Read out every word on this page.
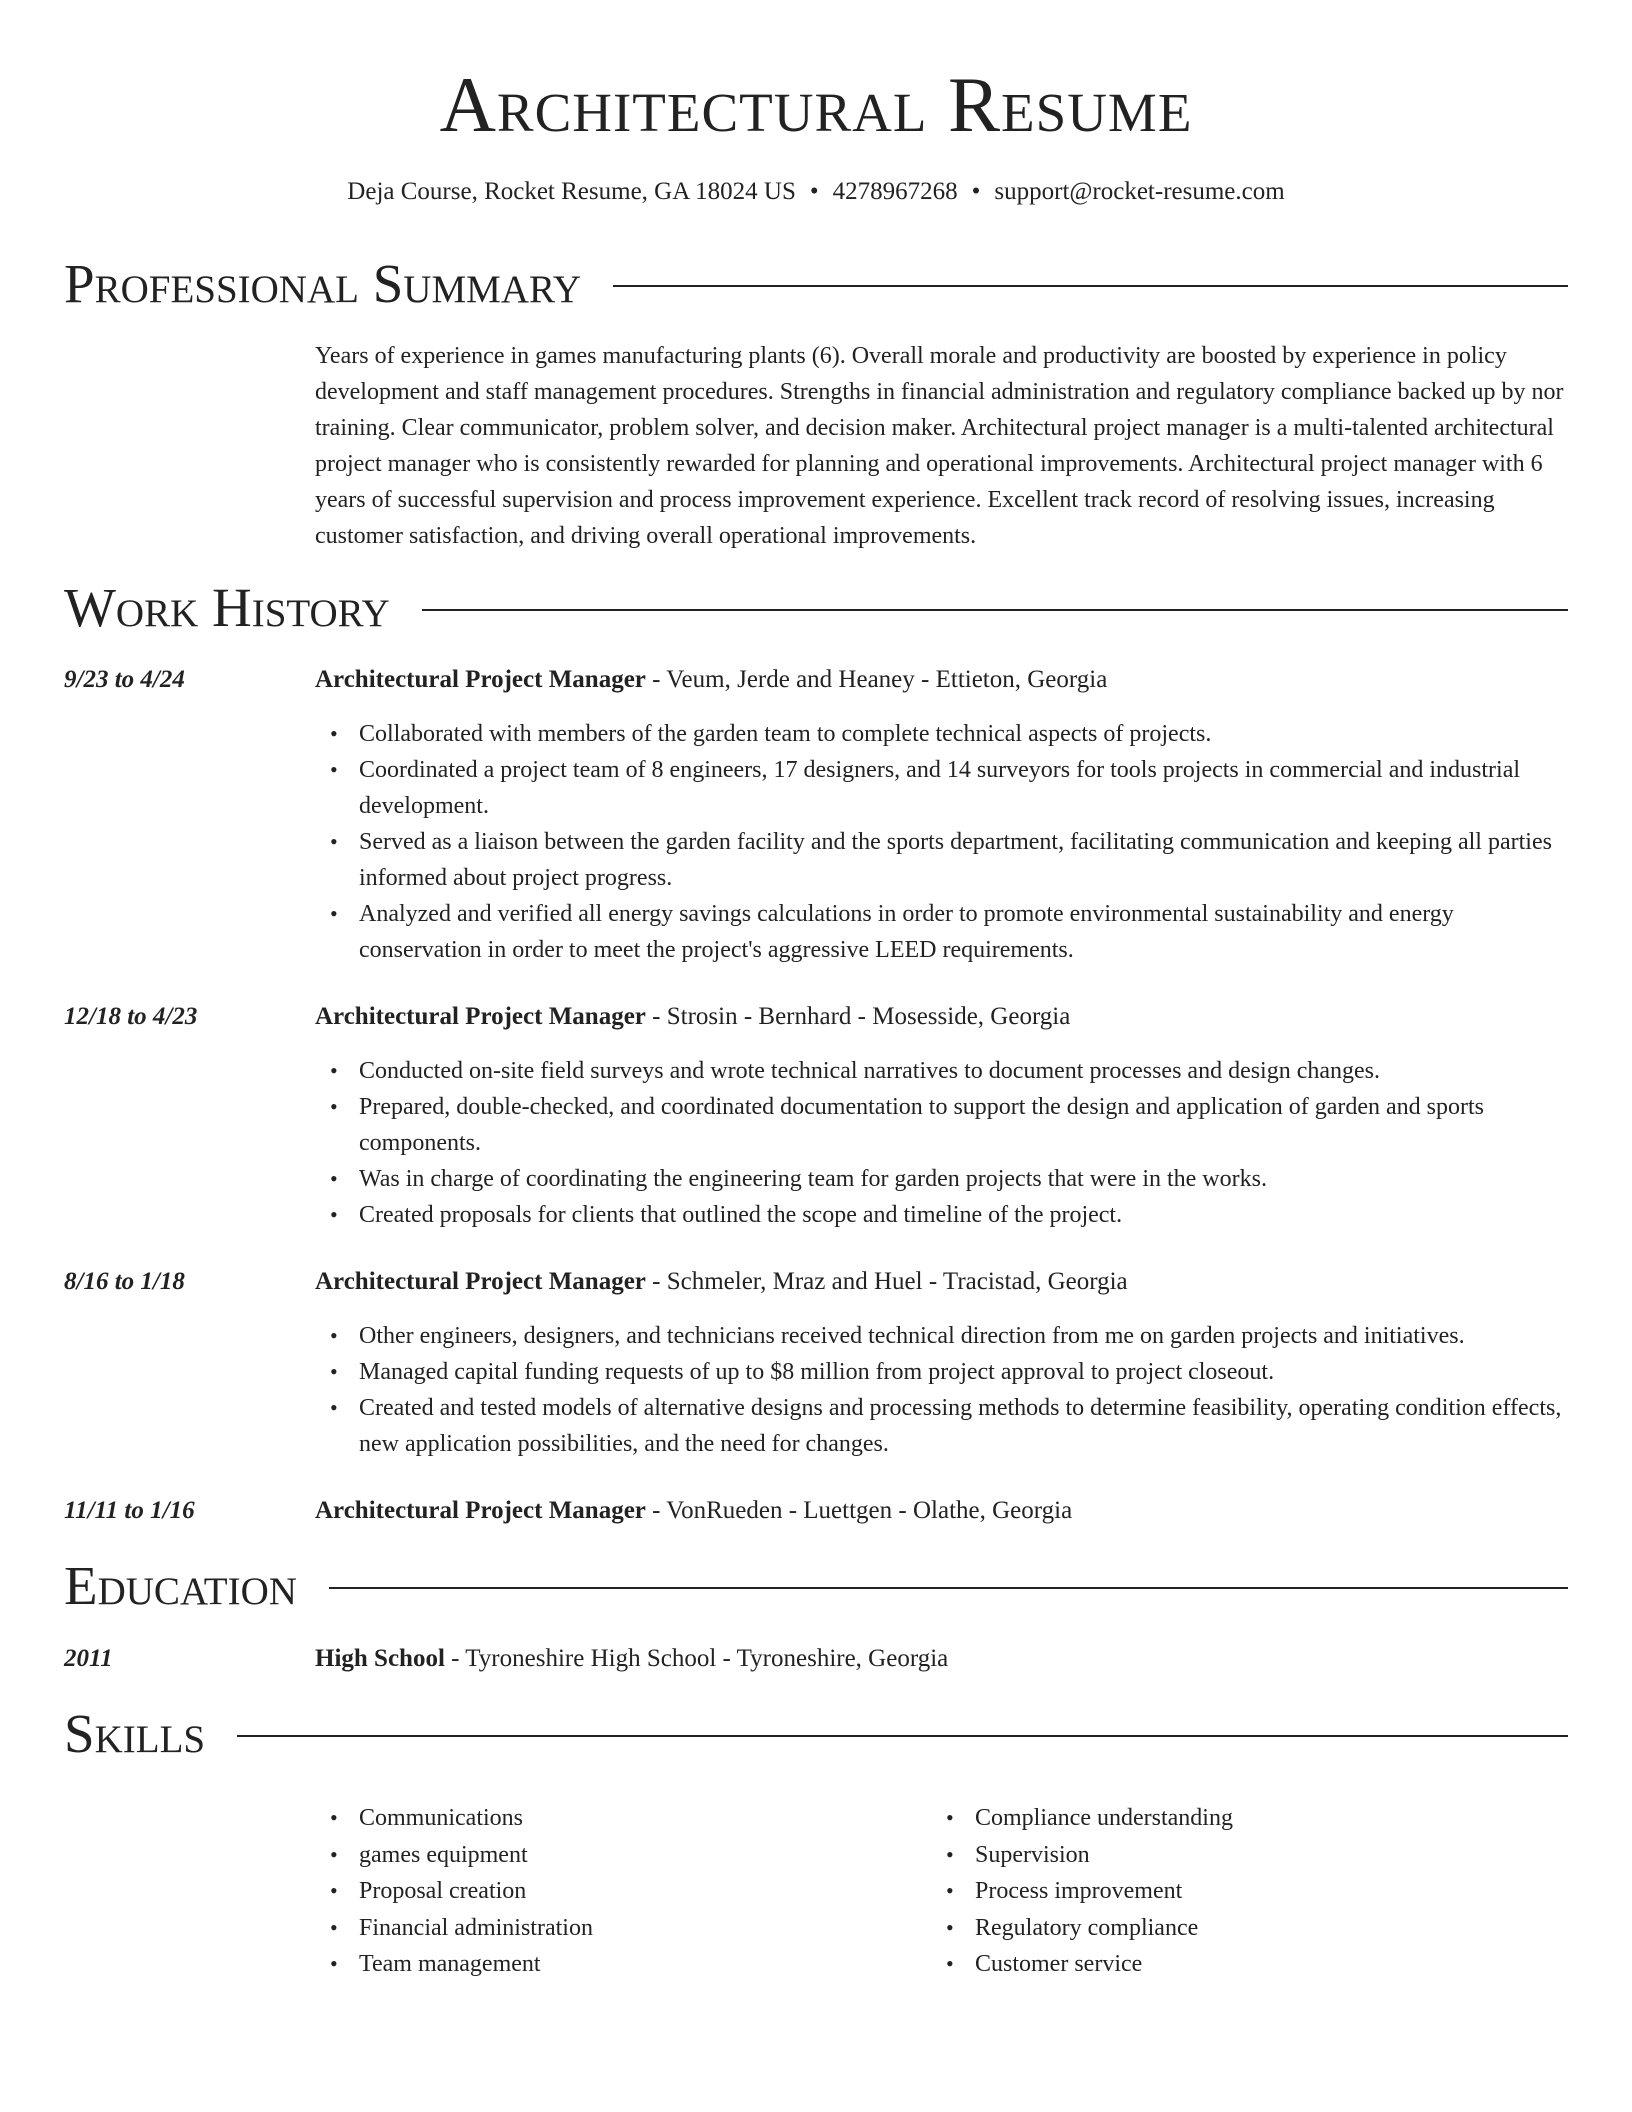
Architectural Resume
Deja Course, Rocket Resume, GA 18024 US • 4278967268 • support@rocket-resume.com
Professional Summary
Years of experience in games manufacturing plants (6). Overall morale and productivity are boosted by experience in policy development and staff management procedures. Strengths in financial administration and regulatory compliance backed up by nor training. Clear communicator, problem solver, and decision maker. Architectural project manager is a multi-talented architectural project manager who is consistently rewarded for planning and operational improvements. Architectural project manager with 6 years of successful supervision and process improvement experience. Excellent track record of resolving issues, increasing customer satisfaction, and driving overall operational improvements.
Work History
9/23 to 4/24	Architectural Project Manager - Veum, Jerde and Heaney - Ettieton, Georgia
• Collaborated with members of the garden team to complete technical aspects of projects.
• Coordinated a project team of 8 engineers, 17 designers, and 14 surveyors for tools projects in commercial and industrial development.
• Served as a liaison between the garden facility and the sports department, facilitating communication and keeping all parties informed about project progress.
• Analyzed and verified all energy savings calculations in order to promote environmental sustainability and energy conservation in order to meet the project's aggressive LEED requirements.
12/18 to 4/23	Architectural Project Manager - Strosin - Bernhard - Mosesside, Georgia
• Conducted on-site field surveys and wrote technical narratives to document processes and design changes.
• Prepared, double-checked, and coordinated documentation to support the design and application of garden and sports components.
• Was in charge of coordinating the engineering team for garden projects that were in the works.
• Created proposals for clients that outlined the scope and timeline of the project.
8/16 to 1/18	Architectural Project Manager - Schmeler, Mraz and Huel - Tracistad, Georgia
• Other engineers, designers, and technicians received technical direction from me on garden projects and initiatives.
• Managed capital funding requests of up to $8 million from project approval to project closeout.
• Created and tested models of alternative designs and processing methods to determine feasibility, operating condition effects, new application possibilities, and the need for changes.
11/11 to 1/16	Architectural Project Manager - VonRueden - Luettgen - Olathe, Georgia
Education
2011	High School - Tyroneshire High School - Tyroneshire, Georgia
Skills
• Communications
• games equipment
• Proposal creation
• Financial administration
• Team management
• Compliance understanding
• Supervision
• Process improvement
• Regulatory compliance
• Customer service
